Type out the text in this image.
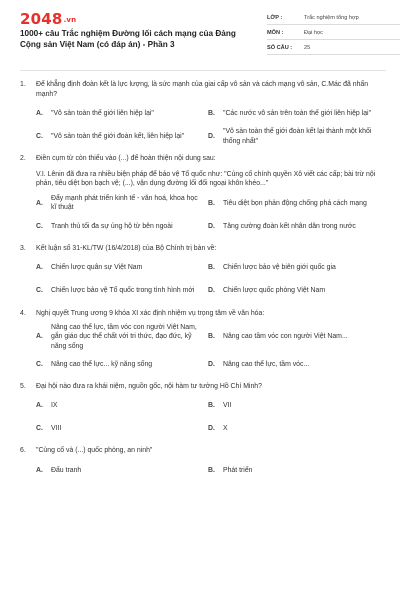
2048.vn
1000+ câu Trắc nghiệm Đường lối cách mạng của Đảng Cộng sản Việt Nam (có đáp án) - Phần 3
LỚP :	Trắc nghiệm tổng hợp
MÔN :	Đại học
SỐ CÂU :	25
1.	Để khẳng định đoàn kết là lực lượng, là sức mạnh của giai cấp vô sản và cách mạng vô sản, C.Mác đã nhấn mạnh?
A.	"Vô sản toàn thế giới liên hiệp lại"	B.	"Các nước vô sản trên toàn thế giới liên hiệp lại"
C.	"Vô sản toàn thế giới đoàn kết, liên hiệp lại"	D.
"Vô sản toàn thế giới đoàn kết lại thành một khối thống nhất"
2.	Điền cụm từ còn thiếu vào (...) để hoàn thiện nội dung sau:
V.I. Lênin đã đưa ra nhiều biện pháp để bảo vệ Tổ quốc như: "Củng cố chính quyền Xô viết các cấp; bài trừ nội phản, tiêu diệt bọn bạch vệ; (...), vận dụng đường lối đối ngoại khôn khéo..."
A.
Đẩy mạnh phát triển kinh tế - văn hoá, khoa học kĩ thuật
B.	Tiêu diệt bọn phản động chống phá cách mạng
C.	Tranh thủ tối đa sự ủng hộ từ bên ngoài	D.	Tăng cường đoàn kết nhân dân trong nước
3.	Kết luận số 31-KL/TW (16/4/2018) của Bộ Chính trị bàn về:
A.	Chiến lược quân sự Việt Nam	B.	Chiến lược bảo vệ biên giới quốc gia
C.	Chiến lược bảo vệ Tổ quốc trong tình hình mới	D.	Chiến lược quốc phòng Việt Nam
4.	Nghị quyết Trung ương 9 khóa XI xác định nhiệm vụ trọng tâm về văn hóa:
A.
Nâng cao thể lực, tầm vóc con người Việt Nam, gắn giáo dục thể chất với tri thức, đạo đức, kỹ năng sống
B.	Nâng cao tầm vóc con người Việt Nam...
C.	Nâng cao thể lực... kỹ năng sống	D.	Nâng cao thể lực, tầm vóc...
5.	Đại hội nào đưa ra khái niệm, nguồn gốc, nội hàm tư tưởng Hồ Chí Minh?
A.	IX	B.	VII
C.	VIII	D.	X
6.	"Củng cố và (...) quốc phòng, an ninh"
A.	Đấu tranh	B.	Phát triển
